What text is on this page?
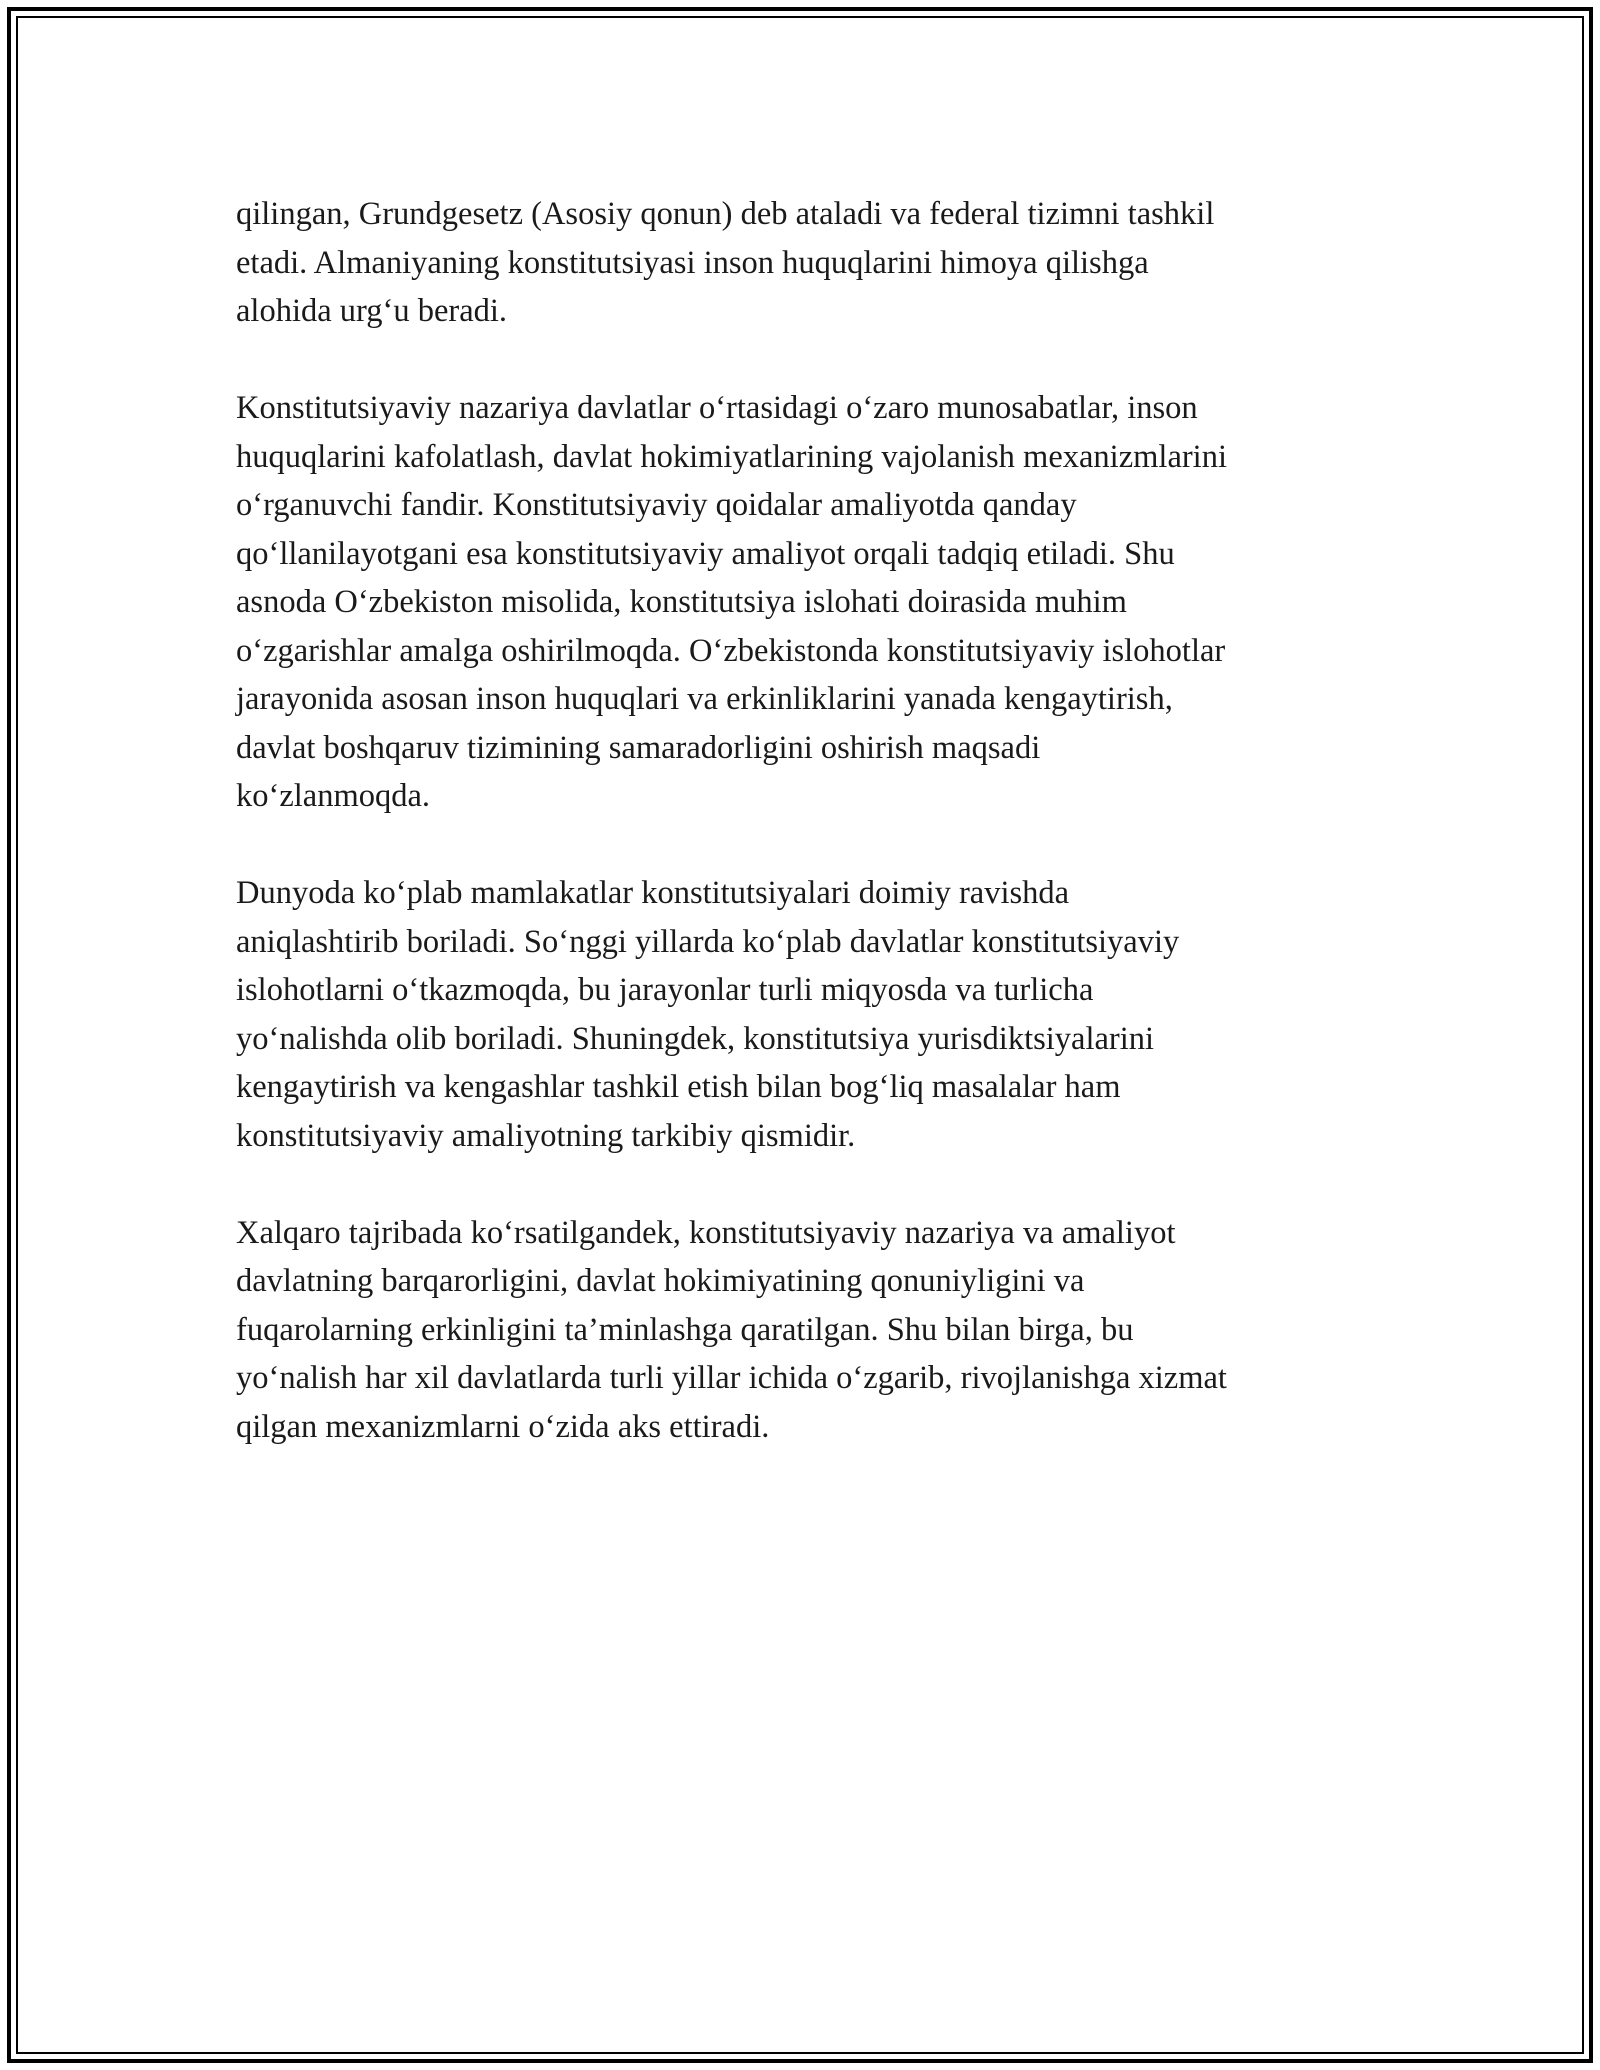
qilingan, Grundgesetz (Asosiy qonun) deb ataladi va federal tizimni tashkil
etadi. Almaniyaning konstitutsiyasi inson huquqlarini himoya qilishga
alohida urg‘u beradi.

Konstitutsiyaviy nazariya davlatlar o‘rtasidagi o‘zaro munosabatlar, inson
huquqlarini kafolatlash, davlat hokimiyatlarining vajolanish mexanizmlarini
o‘rganuvchi fandir. Konstitutsiyaviy qoidalar amaliyotda qanday
qo‘llanilayotgani esa konstitutsiyaviy amaliyot orqali tadqiq etiladi. Shu
asnoda O‘zbekiston misolida, konstitutsiya islohati doirasida muhim
o‘zgarishlar amalga oshirilmoqda. O‘zbekistonda konstitutsiyaviy islohotlar
jarayonida asosan inson huquqlari va erkinliklarini yanada kengaytirish,
davlat boshqaruv tizimining samaradorligini oshirish maqsadi
ko‘zlanmoqda.

Dunyoda ko‘plab mamlakatlar konstitutsiyalari doimiy ravishda
aniqlashtirib boriladi. So‘nggi yillarda ko‘plab davlatlar konstitutsiyaviy
islohotlarni o‘tkazmoqda, bu jarayonlar turli miqyosda va turlicha
yo‘nalishda olib boriladi. Shuningdek, konstitutsiya yurisdiktsiyalarini
kengaytirish va kengashlar tashkil etish bilan bog‘liq masalalar ham
konstitutsiyaviy amaliyotning tarkibiy qismidir.

Xalqaro tajribada ko‘rsatilgandek, konstitutsiyaviy nazariya va amaliyot
davlatning barqarorligini, davlat hokimiyatining qonuniyligini va
fuqarolarning erkinligini ta’minlashga qaratilgan. Shu bilan birga, bu
yo‘nalish har xil davlatlarda turli yillar ichida o‘zgarib, rivojlanishga xizmat
qilgan mexanizmlarni o‘zida aks ettiradi.
